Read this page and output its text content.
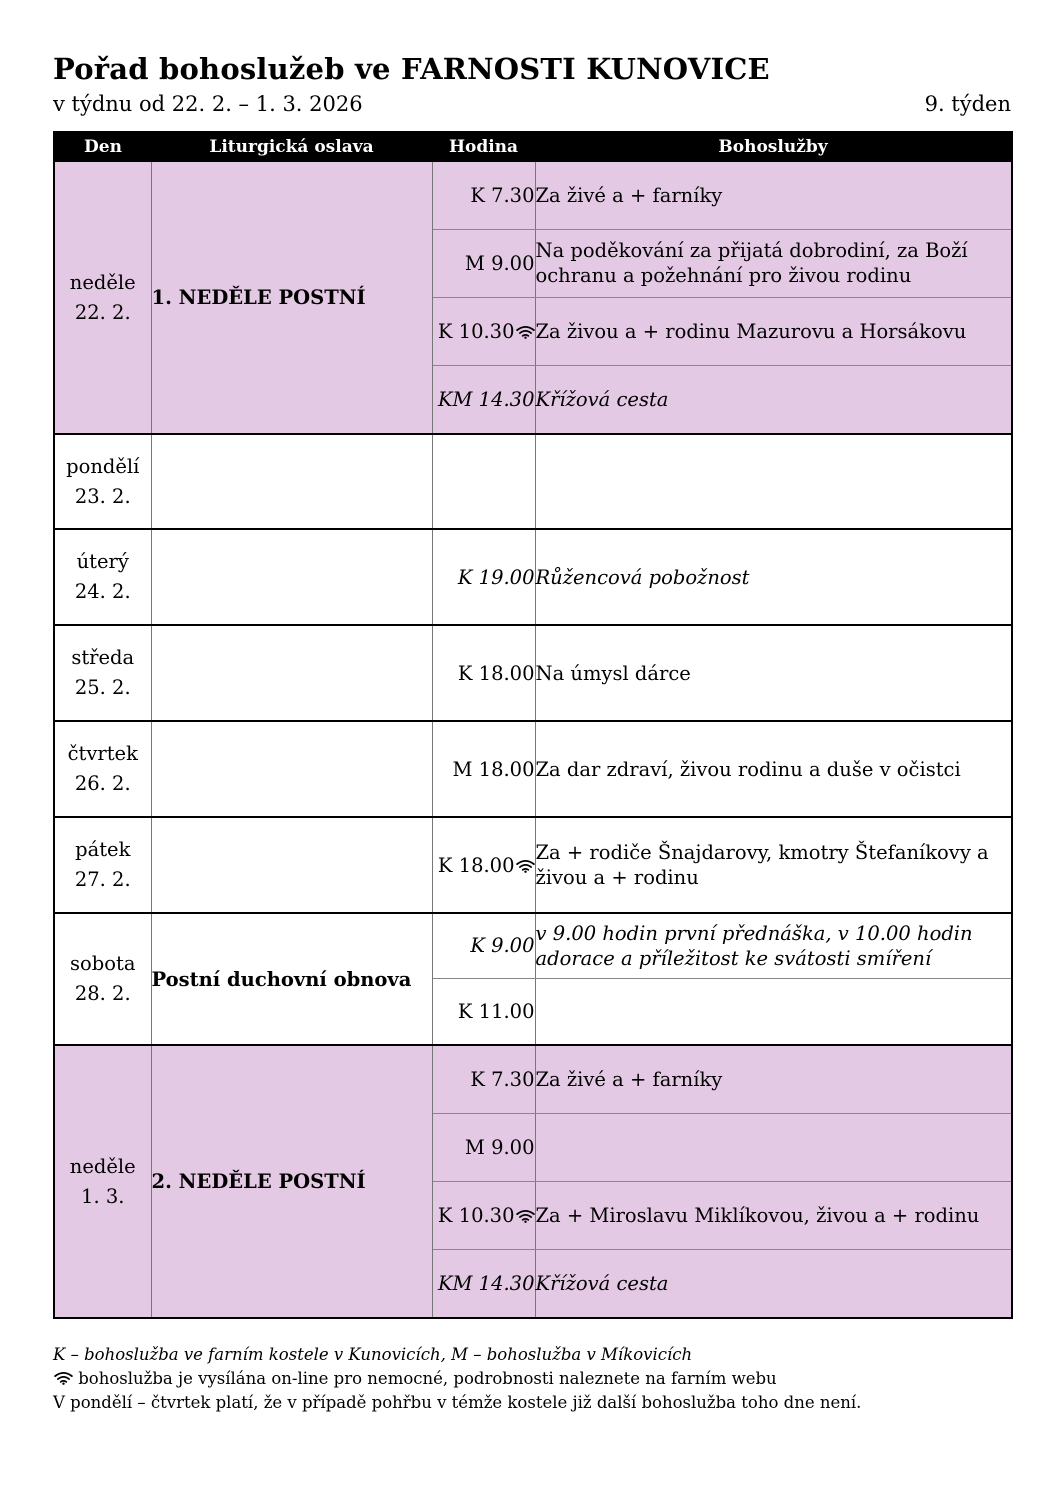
Pořad bohoslužeb ve FARNOSTI KUNOVICE
v týdnu od 22. 2. – 1. 3. 2026	9. týden
Den	Liturgická oslava	Hodina	Bohoslužby

neděle
22. 2.	1. NEDĚLE POSTNÍ	K 7.30	Za živé a + farníky
		M 9.00	Na poděkování za přijatá dobrodiní, za Boží ochranu a požehnání pro živou rodinu
		K 10.30	Za živou a + rodinu Mazurovu a Horsákovu
		KM 14.30	Křížová cesta

pondělí
23. 2.			

úterý
24. 2.		K 19.00	Růžencová pobožnost

středa
25. 2.		K 18.00	Na úmysl dárce

čtvrtek
26. 2.		M 18.00	Za dar zdraví, živou rodinu a duše v očistci

pátek
27. 2.		K 18.00	Za + rodiče Šnajdarovy, kmotry Štefaníkovy a živou a + rodinu

sobota
28. 2.	Postní duchovní obnova	K 9.00	v 9.00 hodin první přednáška, v 10.00 hodin adorace a příležitost ke svátosti smíření
		K 11.00	

neděle
1. 3.	2. NEDĚLE POSTNÍ	K 7.30	Za živé a + farníky
		M 9.00	
		K 10.30	Za + Miroslavu Miklíkovou, živou a + rodinu
		KM 14.30	Křížová cesta
K – bohoslužba ve farním kostele v Kunovicích, M – bohoslužba v Míkovicích
bohoslužba je vysílána on-line pro nemocné, podrobnosti naleznete na farním webu
V pondělí – čtvrtek platí, že v případě pohřbu v témže kostele již další bohoslužba toho dne není.
